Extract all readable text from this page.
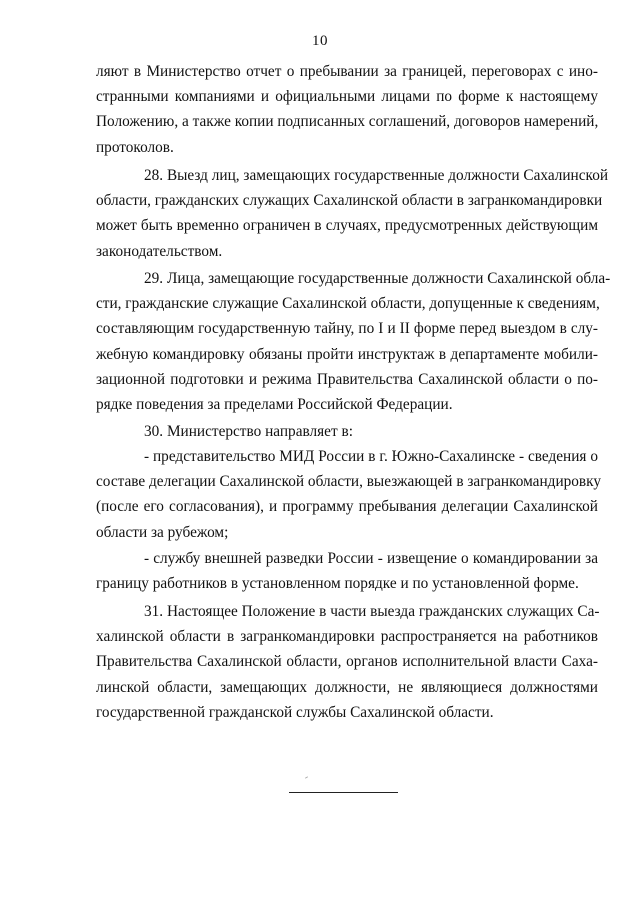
10
ляют в Министерство отчет о пребывании за границей, переговорах с ино-
странными компаниями и официальными лицами по форме к настоящему
Положению, а также копии подписанных соглашений, договоров намерений,
протоколов.
28. Выезд лиц, замещающих государственные должности Сахалинской
области, гражданских служащих Сахалинской области в загранкомандировки
может быть временно ограничен в случаях, предусмотренных действующим
законодательством.
29. Лица, замещающие государственные должности Сахалинской обла-
сти, гражданские служащие Сахалинской области, допущенные к сведениям,
составляющим государственную тайну, по I и II форме перед выездом в слу-
жебную командировку обязаны пройти инструктаж в департаменте мобили-
зационной подготовки и режима Правительства Сахалинской области о по-
рядке поведения за пределами Российской Федерации.
30. Министерство направляет в:
- представительство МИД России в г. Южно-Сахалинске - сведения о
составе делегации Сахалинской области, выезжающей в загранкомандировку
(после его согласования), и программу пребывания делегации Сахалинской
области за рубежом;
- службу внешней разведки России - извещение о командировании за
границу работников в установленном порядке и по установленной форме.
31. Настоящее Положение в части выезда гражданских служащих Са-
халинской области в загранкомандировки распространяется на работников
Правительства Сахалинской области, органов исполнительной власти Саха-
линской области, замещающих должности, не являющиеся должностями
государственной гражданской службы Сахалинской области.
